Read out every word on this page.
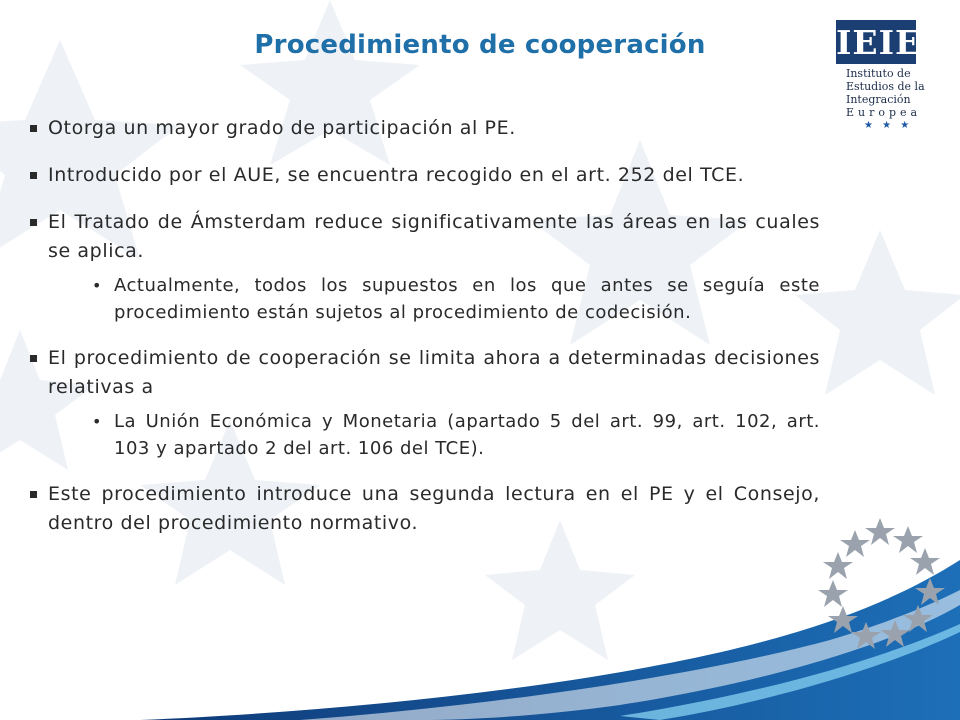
Procedimiento de cooperación	IEIE
Instituto de
Estudios de la
Integración
Europea
★ ★ ★
Otorga un mayor grado de participación al PE.
Introducido por el AUE, se encuentra recogido en el art. 252 del TCE.
El Tratado de Ámsterdam reduce significativamente las áreas en las cuales se aplica.
• Actualmente, todos los supuestos en los que antes se seguía este procedimiento están sujetos al procedimiento de codecisión.
El procedimiento de cooperación se limita ahora a determinadas decisiones relativas a
• La Unión Económica y Monetaria (apartado 5 del art. 99, art. 102, art. 103 y apartado 2 del art. 106 del TCE).
Este procedimiento introduce una segunda lectura en el PE y el Consejo, dentro del procedimiento normativo.
